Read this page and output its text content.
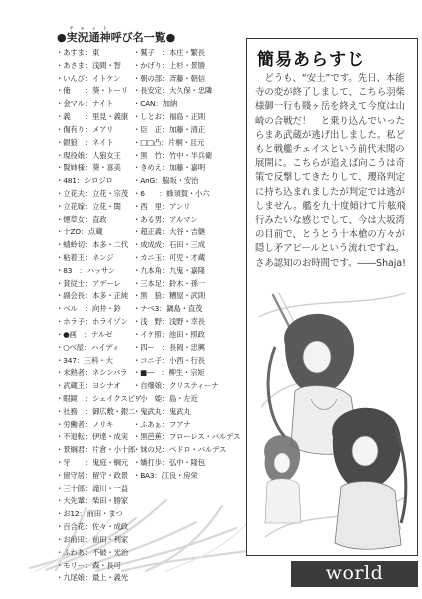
●実況通神チャット呼び名一覧●
・あすま：東
・あさま：浅間・智
・いんび：イトケン
・俺　　：葵・トーリ
・金マル：ナイト
・義　　：里見・義康
・傷有り：メアリ
・銀狼　：ネイト
・現役娘：人狼女王
・賢姉様：葵・喜美
・481：シロジロ
・立花夫：立花・宗茂
・立花嫁：立花・誾
・煙草女：直政
・十ZO：点蔵
・蜻蛉切：本多・二代
・粘着王：ネンジ
・83　：ハッサン
・貧従士：アデーレ
・副会長：本多・正純
・ベル　：向井・鈴
・ホラ子：ホライゾン
・●画　：ナルゼ
・○べ屋：ハイディ
・347：三科・大
・未熟者：ネシンバラ
・武蔵王：ヨシナオ
・眼鏡　：シェイクスピア
・社務　：御広敷・銀二
・労働者：ノリキ
・不退転：伊達・成実
・景綱君：片倉・小十郎
・牙　　：鬼庭・綱元
・留守居：留守・政景
・三十郎：滝川・一益
・大先輩：柴田・勝家
・お12：前田・まつ
・百合花：佐々・成政
・お前田：前田・利家
・ふわあ：不破・光治
・モリー：森・長可
・九尾娘：最上・義光
・鷲子　：本庄・繁長
・かげり：上杉・景勝
・朝の部：斉藤・朝信
・長安定：大久保・忠隣
・CAN：加納
・しとお：福島・正則
・臣　正：加藤・清正
・□□凸：片桐・且元
・黒　竹：竹中・半兵衛
・きめえ：加藤・嘉明
・AnG：脇坂・安治
・6　　：蜂須賀・小六
・西　里：アンリ
・ある男：アルマン
・超正義：大谷・吉継
・成成成：石田・三成
・カニ玉：可児・才蔵
・九本角：九鬼・嘉隆
・三本足：鈴木・孫一
・黒　狼：糟屋・武則
・ナベ3：鍋島・直茂
・浅　野：浅野・幸長
・イケ照：池田・照政
・四ー　：長岡・忠興
・コニ子：小西・行長
・■―　：柳生・宗矩
・自爆娘：クリスティーナ
・小　姫：島・左近
・鬼武丸：鬼武丸
・ふあぁ：フアナ
・黒芭蕉：フローレス・バルデス
・妹の兄：ペドロ・バルデス
・嬌打歩：弘中・隆包
・BA3：江良・房栄
簡易あらすじ
どうも、“安土”です。先日、本能寺の変が終了しまして、こちら羽柴様御一行も賤ヶ岳を終えて今度は山崎の合戦だ！　と乗り込んでいったらまあ武蔵が逃げ出しました。私どもと戦艦チェイスという前代未聞の展開に。こちらが追えば向こうは奇策で反撃してきたりして、瓔珞判定に持ち込まれましたが判定では逃がしません。艦を九十度傾けて片舷飛行みたいな感じでして、今は大坂湾の目前で、とうとう十本槍の方々が隠し矛アピールという流れですね。さあ認知のお時間です。――Shaja!
world
